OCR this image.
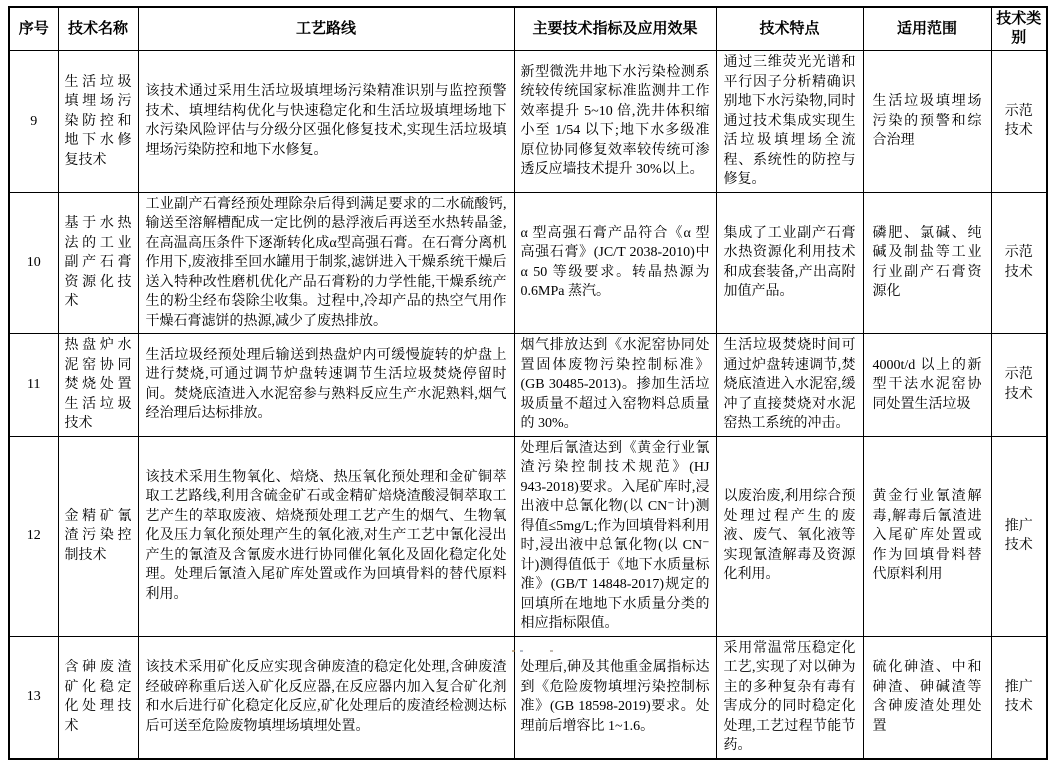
序号	技术名称	工艺路线	主要技术指标及应用效果	技术特点	适用范围	技术类别
9	生活垃圾填埋场污染防控和地下水修复技术	该技术通过采用生活垃圾填埋场污染精准识别与监控预警技术、填埋结构优化与快速稳定化和生活垃圾填埋场地下水污染风险评估与分级分区强化修复技术,实现生活垃圾填埋场污染防控和地下水修复。	新型微洗井地下水污染检测系统较传统国家标准监测井工作效率提升 5~10 倍,洗井体积缩小至 1/54 以下;地下水多级准原位协同修复效率较传统可渗透反应墙技术提升 30%以上。	通过三维荧光光谱和平行因子分析精确识别地下水污染物,同时通过技术集成实现生活垃圾填埋场全流程、系统性的防控与修复。	生活垃圾填埋场污染的预警和综合治理	示范技术
10	基于水热法的工业副产石膏资源化技术	工业副产石膏经预处理除杂后得到满足要求的二水硫酸钙,输送至溶解槽配成一定比例的悬浮液后再送至水热转晶釜,在高温高压条件下逐渐转化成α型高强石膏。在石膏分离机作用下,废液排至回水罐用于制浆,滤饼进入干燥系统干燥后送入特种改性磨机优化产品石膏粉的力学性能,干燥系统产生的粉尘经布袋除尘收集。过程中,冷却产品的热空气用作干燥石膏滤饼的热源,减少了废热排放。	α 型高强石膏产品符合《α 型高强石膏》(JC/T 2038-2010)中 α 50 等级要求。转晶热源为 0.6MPa 蒸汽。	集成了工业副产石膏水热资源化利用技术和成套装备,产出高附加值产品。	磷肥、氯碱、纯碱及制盐等工业行业副产石膏资源化	示范技术
11	热盘炉水泥窑协同焚烧处置生活垃圾技术	生活垃圾经预处理后输送到热盘炉内可缓慢旋转的炉盘上进行焚烧,可通过调节炉盘转速调节生活垃圾焚烧停留时间。焚烧底渣进入水泥窑参与熟料反应生产水泥熟料,烟气经治理后达标排放。	烟气排放达到《水泥窑协同处置固体废物污染控制标准》(GB 30485-2013)。掺加生活垃圾质量不超过入窑物料总质量的 30%。	生活垃圾焚烧时间可通过炉盘转速调节,焚烧底渣进入水泥窑,缓冲了直接焚烧对水泥窑热工系统的冲击。	4000t/d 以上的新型干法水泥窑协同处置生活垃圾	示范技术
12	金精矿氰渣污染控制技术	该技术采用生物氧化、焙烧、热压氧化预处理和金矿铜萃取工艺路线,利用含硫金矿石或金精矿焙烧渣酸浸铜萃取工艺产生的萃取废液、焙烧预处理工艺产生的烟气、生物氧化及压力氧化预处理产生的氧化液,对生产工艺中氰化浸出产生的氰渣及含氰废水进行协同催化氧化及固化稳定化处理。处理后氰渣入尾矿库处置或作为回填骨料的替代原料利用。	处理后氰渣达到《黄金行业氰渣污染控制技术规范》(HJ 943-2018)要求。入尾矿库时,浸出液中总氰化物(以 CN⁻计)测得值≤5mg/L;作为回填骨料利用时,浸出液中总氰化物(以 CN⁻计)测得值低于《地下水质量标准》(GB/T 14848-2017)规定的回填所在地地下水质量分类的相应指标限值。	以废治废,利用综合预处理过程产生的废液、废气、氧化液等实现氰渣解毒及资源化利用。	黄金行业氰渣解毒,解毒后氰渣进入尾矿库处置或作为回填骨料替代原料利用	推广技术
13	含砷废渣矿化稳定化处理技术	该技术采用矿化反应实现含砷废渣的稳定化处理,含砷废渣经破碎称重后送入矿化反应器,在反应器内加入复合矿化剂和水后进行矿化稳定化反应,矿化处理后的废渣经检测达标后可送至危险废物填埋场填埋处置。	处理后,砷及其他重金属指标达到《危险废物填埋污染控制标准》(GB 18598-2019)要求。处理前后增容比 1~1.6。	采用常温常压稳定化工艺,实现了对以砷为主的多种复杂有毒有害成分的同时稳定化处理,工艺过程节能节药。	硫化砷渣、中和砷渣、砷碱渣等含砷废渣处理处置	推广技术
